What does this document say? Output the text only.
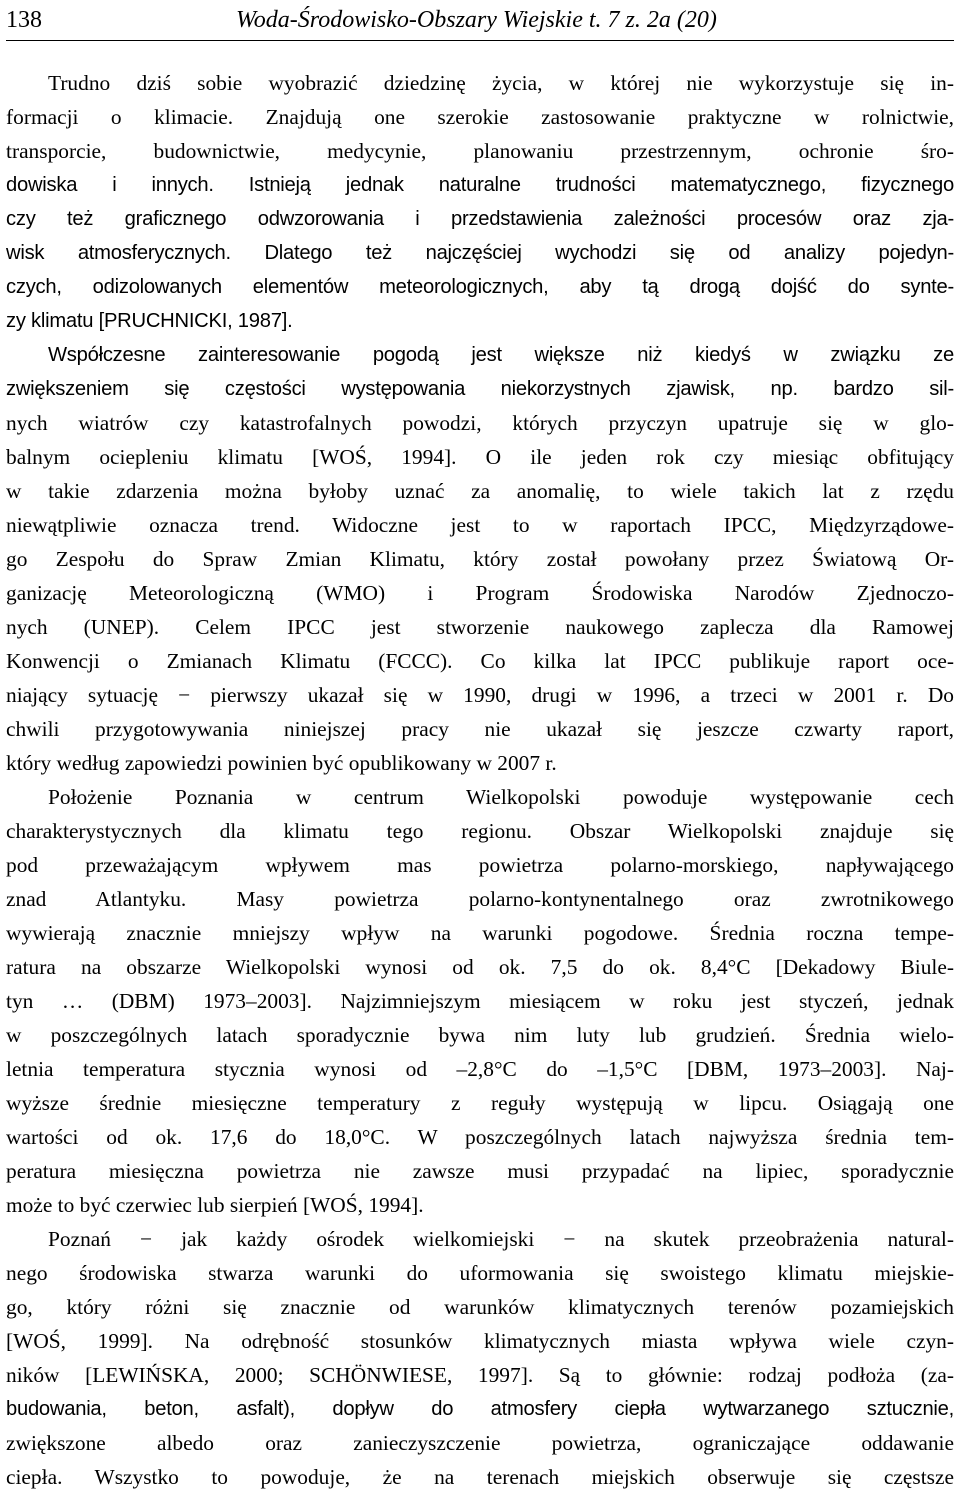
138	Woda-Środowisko-Obszary Wiejskie t. 7 z. 2a (20)
Trudno dziś sobie wyobrazić dziedzinę życia, w której nie wykorzystuje się in-
formacji o klimacie. Znajdują one szerokie zastosowanie praktyczne w rolnictwie,
transporcie, budownictwie, medycynie, planowaniu przestrzennym, ochronie śro-
dowiska i innych. Istnieją jednak naturalne trudności matematycznego, fizycznego
czy też graficznego odwzorowania i przedstawienia zależności procesów oraz zja-
wisk atmosferycznych. Dlatego też najczęściej wychodzi się od analizy pojedyn-
czych, odizolowanych elementów meteorologicznych, aby tą drogą dojść do synte-
zy klimatu [PRUCHNICKI, 1987].
Współczesne zainteresowanie pogodą jest większe niż kiedyś w związku ze
zwiększeniem się częstości występowania niekorzystnych zjawisk, np. bardzo sil-
nych wiatrów czy katastrofalnych powodzi, których przyczyn upatruje się w glo-
balnym ociepleniu klimatu [WOŚ, 1994]. O ile jeden rok czy miesiąc obfitujący
w takie zdarzenia można byłoby uznać za anomalię, to wiele takich lat z rzędu
niewątpliwie oznacza trend. Widoczne jest to w raportach IPCC, Międzyrządowe-
go Zespołu do Spraw Zmian Klimatu, który został powołany przez Światową Or-
ganizację Meteorologiczną (WMO) i Program Środowiska Narodów Zjednoczo-
nych (UNEP). Celem IPCC jest stworzenie naukowego zaplecza dla Ramowej
Konwencji o Zmianach Klimatu (FCCC). Co kilka lat IPCC publikuje raport oce-
niający sytuację − pierwszy ukazał się w 1990, drugi w 1996, a trzeci w 2001 r. Do
chwili przygotowywania niniejszej pracy nie ukazał się jeszcze czwarty raport,
który według zapowiedzi powinien być opublikowany w 2007 r.
Położenie Poznania w centrum Wielkopolski powoduje występowanie cech
charakterystycznych dla klimatu tego regionu. Obszar Wielkopolski znajduje się
pod przeważającym wpływem mas powietrza polarno-morskiego, napływającego
znad Atlantyku. Masy powietrza polarno-kontynentalnego oraz zwrotnikowego
wywierają znacznie mniejszy wpływ na warunki pogodowe. Średnia roczna tempe-
ratura na obszarze Wielkopolski wynosi od ok. 7,5 do ok. 8,4°C [Dekadowy Biule-
tyn … (DBM) 1973–2003]. Najzimniejszym miesiącem w roku jest styczeń, jednak
w poszczególnych latach sporadycznie bywa nim luty lub grudzień. Średnia wielo-
letnia temperatura stycznia wynosi od –2,8°C do –1,5°C [DBM, 1973–2003]. Naj-
wyższe średnie miesięczne temperatury z reguły występują w lipcu. Osiągają one
wartości od ok. 17,6 do 18,0°C. W poszczególnych latach najwyższa średnia tem-
peratura miesięczna powietrza nie zawsze musi przypadać na lipiec, sporadycznie
może to być czerwiec lub sierpień [WOŚ, 1994].
Poznań − jak każdy ośrodek wielkomiejski − na skutek przeobrażenia natural-
nego środowiska stwarza warunki do uformowania się swoistego klimatu miejskie-
go, który różni się znacznie od warunków klimatycznych terenów pozamiejskich
[WOŚ, 1999]. Na odrębność stosunków klimatycznych miasta wpływa wiele czyn-
ników [LEWIŃSKA, 2000; SCHÖNWIESE, 1997]. Są to głównie: rodzaj podłoża (za-
budowania, beton, asfalt), dopływ do atmosfery ciepła wytwarzanego sztucznie,
zwiększone albedo oraz zanieczyszczenie powietrza, ograniczające oddawanie
ciepła. Wszystko to powoduje, że na terenach miejskich obserwuje się częstsze
